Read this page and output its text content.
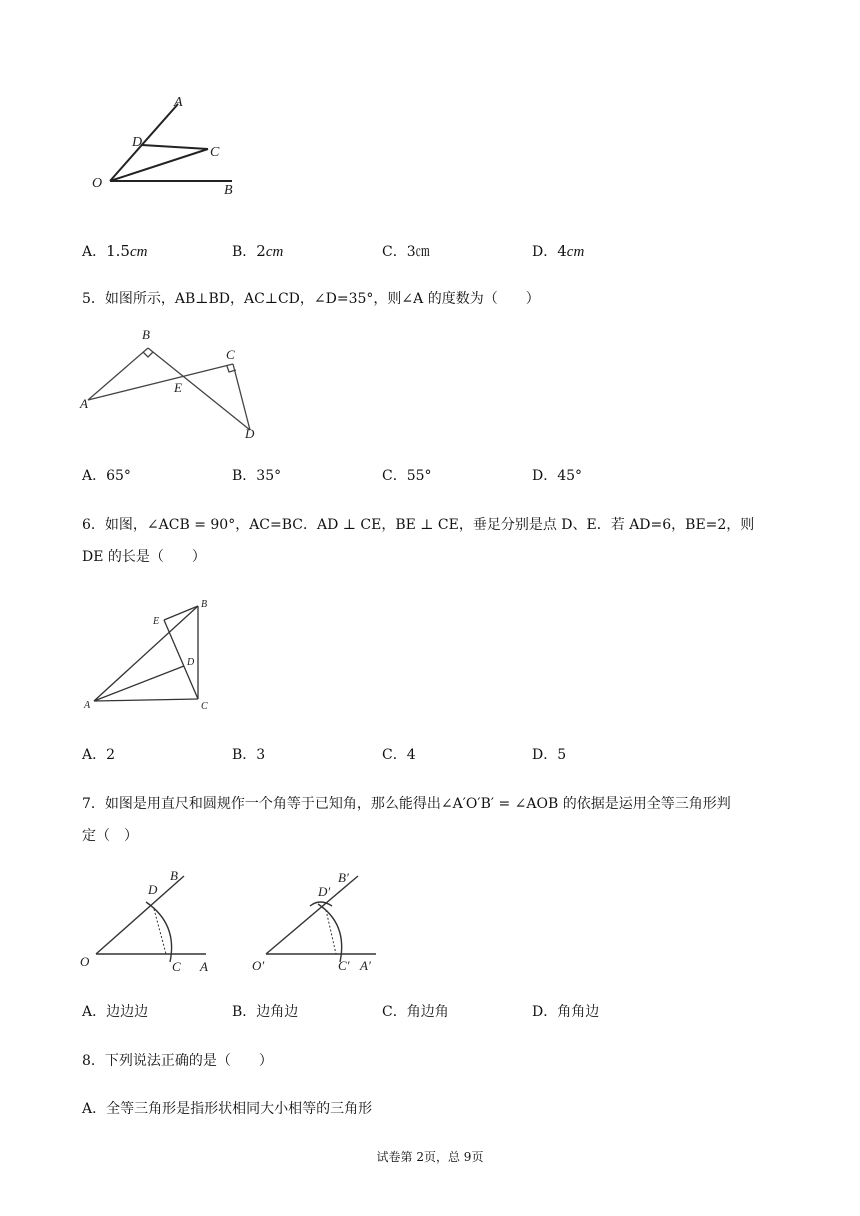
A
D
C
O	B
A．1.5cm	B．2cm	C．3㎝	D．4cm
5．如图所示，AB⊥BD，AC⊥CD，∠D=35°，则∠A 的度数为（　　）
B
C
E
A
D
A．65°	B．35°	C．55°	D．45°
6．如图，∠ACB = 90°，AC=BC．AD ⊥ CE，BE ⊥ CE，垂足分别是点 D、E．若 AD=6，BE=2，则
DE 的长是（　　）
B
E
D
A	C
A．2	B．3	C．4	D．5
7．如图是用直尺和圆规作一个角等于已知角，那么能得出∠A′O′B′ = ∠AOB 的依据是运用全等三角形判
定（　）
B
D
O	C A
B′
D′
O′	C′ A′
A．边边边	B．边角边	C．角边角	D．角角边
8．下列说法正确的是（　　）
A．全等三角形是指形状相同大小相等的三角形
试卷第 2页，总 9页
